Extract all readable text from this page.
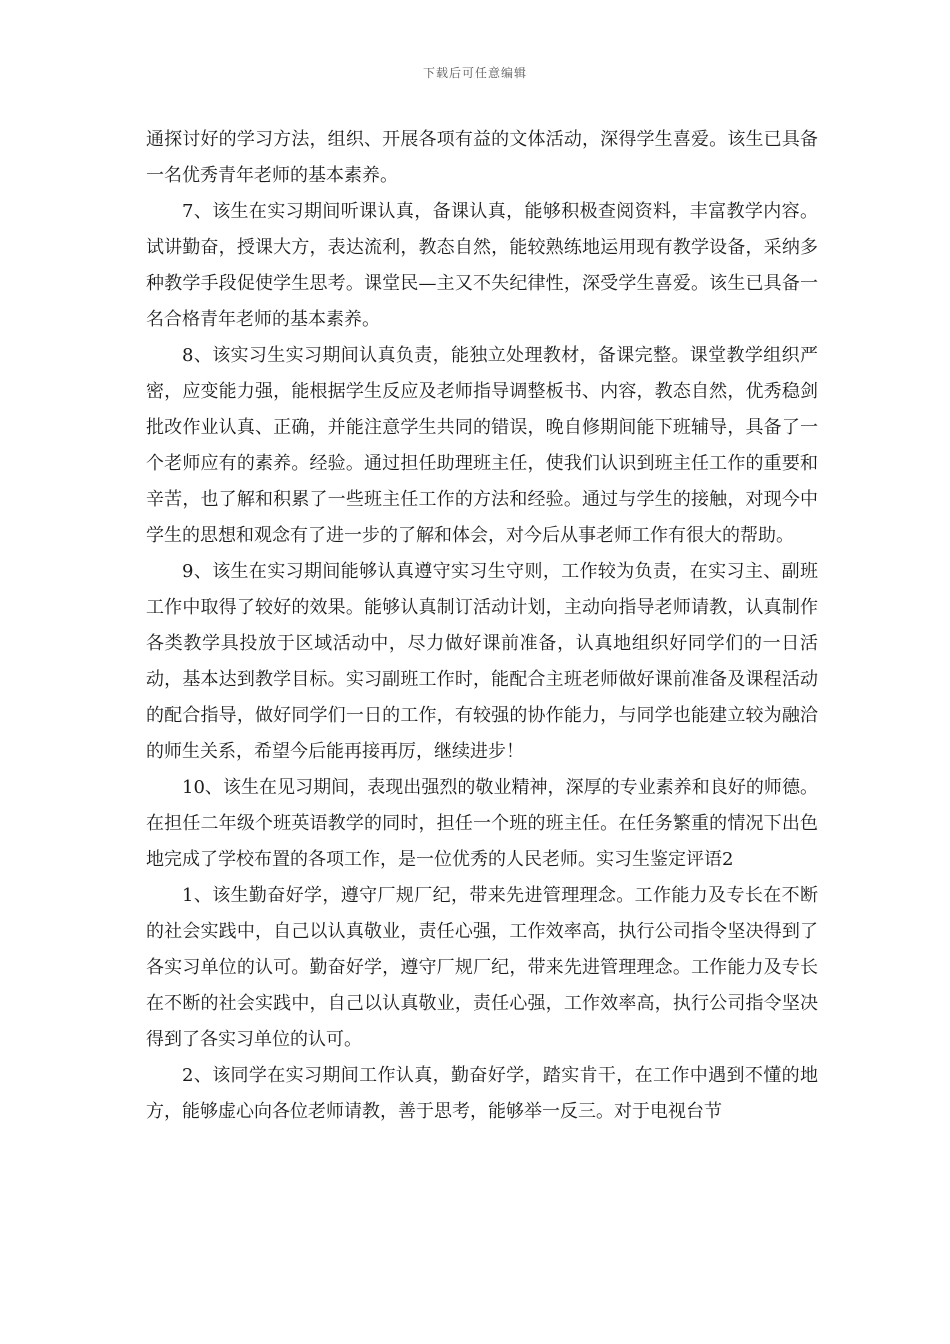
下载后可任意编辑

通探讨好的学习方法，组织、开展各项有益的文体活动，深得学生喜爱。该生已具备一名优秀青年老师的基本素养。

7、该生在实习期间听课认真，备课认真，能够积极查阅资料，丰富教学内容。试讲勤奋，授课大方，表达流利，教态自然，能较熟练地运用现有教学设备，采纳多种教学手段促使学生思考。课堂民—主又不失纪律性，深受学生喜爱。该生已具备一名合格青年老师的基本素养。

8、该实习生实习期间认真负责，能独立处理教材，备课完整。课堂教学组织严密，应变能力强，能根据学生反应及老师指导调整板书、内容，教态自然，优秀稳剑批改作业认真、正确，并能注意学生共同的错误，晚自修期间能下班辅导，具备了一个老师应有的素养。经验。通过担任助理班主任，使我们认识到班主任工作的重要和辛苦，也了解和积累了一些班主任工作的方法和经验。通过与学生的接触，对现今中学生的思想和观念有了进一步的了解和体会，对今后从事老师工作有很大的帮助。

9、该生在实习期间能够认真遵守实习生守则，工作较为负责，在实习主、副班工作中取得了较好的效果。能够认真制订活动计划，主动向指导老师请教，认真制作各类教学具投放于区域活动中，尽力做好课前准备，认真地组织好同学们的一日活动，基本达到教学目标。实习副班工作时，能配合主班老师做好课前准备及课程活动的配合指导，做好同学们一日的工作，有较强的协作能力，与同学也能建立较为融洽的师生关系，希望今后能再接再厉，继续进步！

10、该生在见习期间，表现出强烈的敬业精神，深厚的专业素养和良好的师德。在担任二年级个班英语教学的同时，担任一个班的班主任。在任务繁重的情况下出色地完成了学校布置的各项工作，是一位优秀的人民老师。实习生鉴定评语2

1、该生勤奋好学，遵守厂规厂纪，带来先进管理理念。工作能力及专长在不断的社会实践中，自己以认真敬业，责任心强，工作效率高，执行公司指令坚决得到了各实习单位的认可。勤奋好学，遵守厂规厂纪，带来先进管理理念。工作能力及专长在不断的社会实践中，自己以认真敬业，责任心强，工作效率高，执行公司指令坚决得到了各实习单位的认可。

2、该同学在实习期间工作认真，勤奋好学，踏实肯干，在工作中遇到不懂的地方，能够虚心向各位老师请教，善于思考，能够举一反三。对于电视台节
